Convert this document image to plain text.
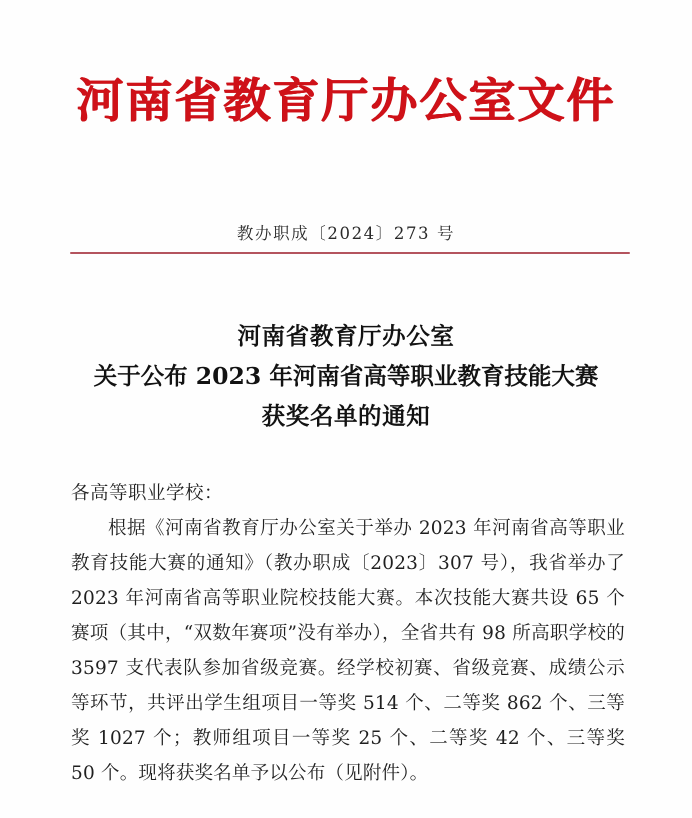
河南省教育厅办公室文件
教办职成〔2024〕273 号
河南省教育厅办公室
关于公布 2023 年河南省高等职业教育技能大赛
获奖名单的通知
各高等职业学校：

根据《河南省教育厅办公室关于举办 2023 年河南省高等职业教育技能大赛的通知》（教办职成〔2023〕307 号），我省举办了 2023 年河南省高等职业院校技能大赛。本次技能大赛共设 65 个赛项（其中，“双数年赛项”没有举办），全省共有 98 所高职学校的 3597 支代表队参加省级竞赛。经学校初赛、省级竞赛、成绩公示等环节，共评出学生组项目一等奖 514 个、二等奖 862 个、三等奖 1027 个；教师组项目一等奖 25 个、二等奖 42 个、三等奖 50 个。现将获奖名单予以公布（见附件）。
